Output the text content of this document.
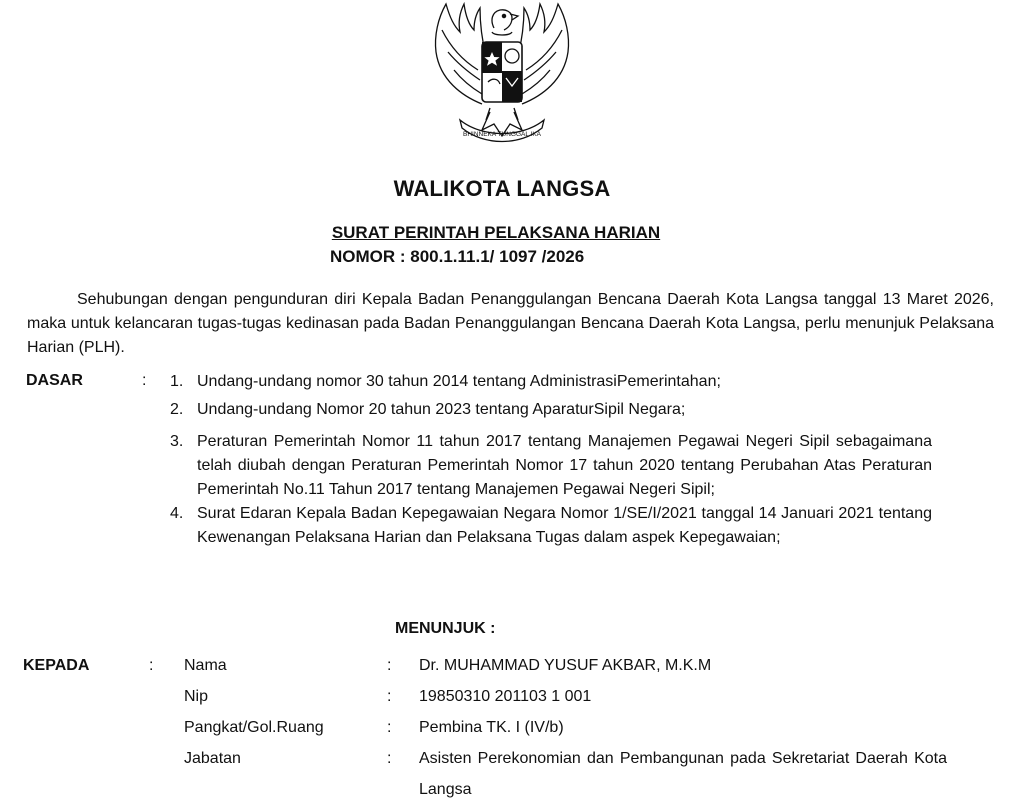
BHINNEKA TUNGGAL IKA
WALIKOTA LANGSA
SURAT PERINTAH PELAKSANA HARIAN
NOMOR : 800.1.11.1/ 1097 /2026
Sehubungan dengan pengunduran diri Kepala Badan Penanggulangan Bencana Daerah Kota Langsa tanggal 13 Maret 2026, maka untuk kelancaran tugas-tugas kedinasan pada Badan Penanggulangan Bencana Daerah Kota Langsa, perlu menunjuk Pelaksana Harian (PLH).
DASAR	: 1. Undang-undang nomor 30 tahun 2014 tentang AdministrasiPemerintahan;
2. Undang-undang Nomor 20 tahun 2023 tentang AparaturSipil Negara;
3. Peraturan Pemerintah Nomor 11 tahun 2017 tentang Manajemen Pegawai Negeri Sipil sebagaimana telah diubah dengan Peraturan Pemerintah Nomor 17 tahun 2020 tentang Perubahan Atas Peraturan Pemerintah No.11 Tahun 2017 tentang Manajemen Pegawai Negeri Sipil;
4. Surat Edaran Kepala Badan Kepegawaian Negara Nomor 1/SE/I/2021 tanggal 14 Januari 2021 tentang Kewenangan Pelaksana Harian dan Pelaksana Tugas dalam aspek Kepegawaian;
MENUNJUK :
KEPADA	: Nama	: Dr. MUHAMMAD YUSUF AKBAR, M.K.M
Nip	: 19850310 201103 1 001
Pangkat/Gol.Ruang	: Pembina TK. I (IV/b)
Jabatan	: Asisten Perekonomian dan Pembangunan pada Sekretariat Daerah Kota Langsa
